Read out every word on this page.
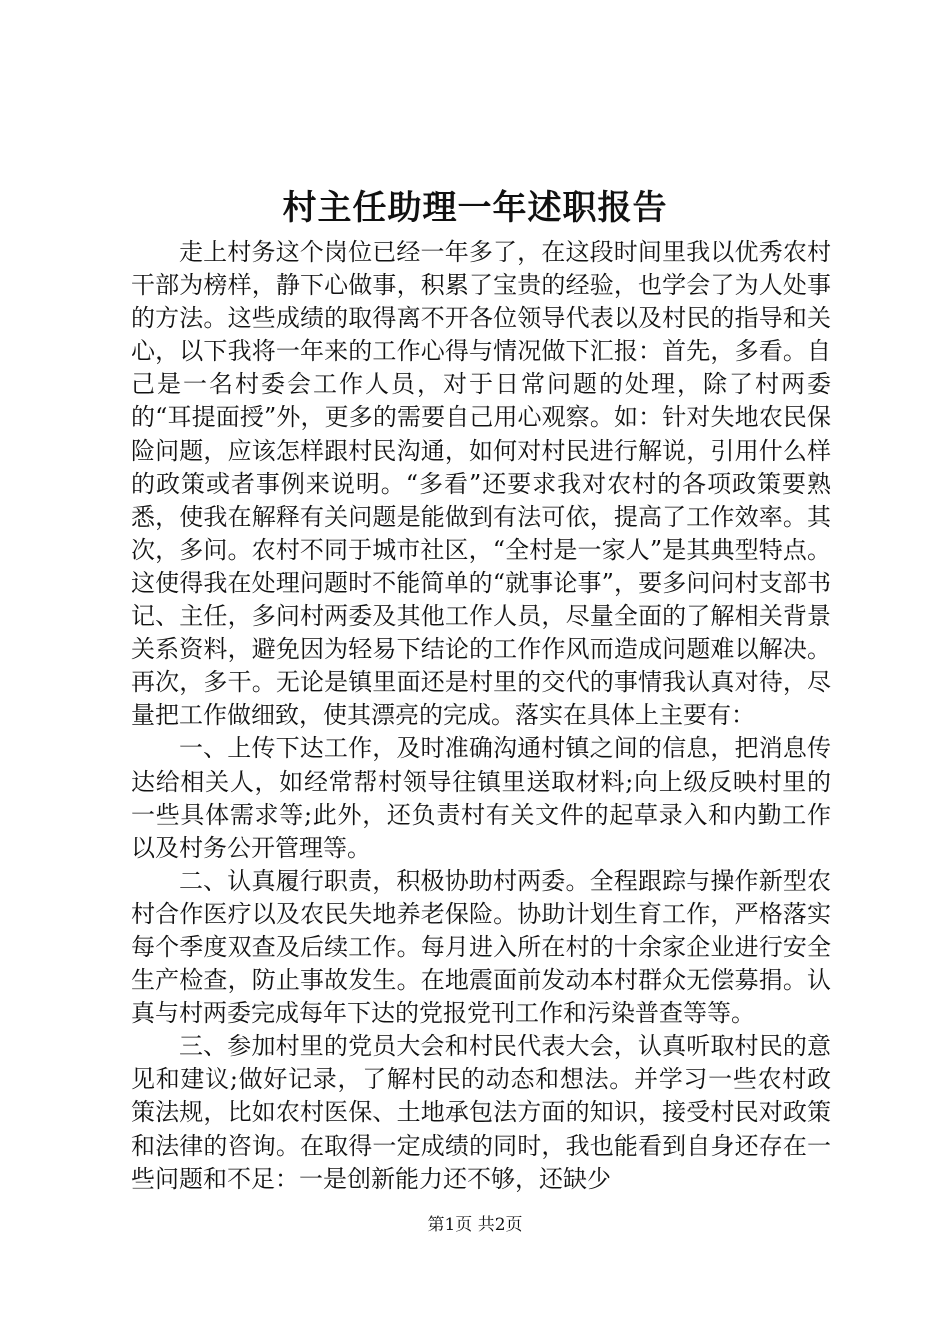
村主任助理一年述职报告

走上村务这个岗位已经一年多了，在这段时间里我以优秀农村干部为榜样，静下心做事，积累了宝贵的经验，也学会了为人处事的方法。这些成绩的取得离不开各位领导代表以及村民的指导和关心，以下我将一年来的工作心得与情况做下汇报：首先，多看。自己是一名村委会工作人员，对于日常问题的处理，除了村两委的“耳提面授”外，更多的需要自己用心观察。如：针对失地农民保险问题，应该怎样跟村民沟通，如何对村民进行解说，引用什么样的政策或者事例来说明。“多看”还要求我对农村的各项政策要熟悉，使我在解释有关问题是能做到有法可依，提高了工作效率。其次，多问。农村不同于城市社区，“全村是一家人”是其典型特点。这使得我在处理问题时不能简单的“就事论事”，要多问问村支部书记、主任，多问村两委及其他工作人员，尽量全面的了解相关背景关系资料，避免因为轻易下结论的工作作风而造成问题难以解决。再次，多干。无论是镇里面还是村里的交代的事情我认真对待，尽量把工作做细致，使其漂亮的完成。落实在具体上主要有：

一、上传下达工作，及时准确沟通村镇之间的信息，把消息传达给相关人，如经常帮村领导往镇里送取材料;向上级反映村里的一些具体需求等;此外，还负责村有关文件的起草录入和内勤工作以及村务公开管理等。

二、认真履行职责，积极协助村两委。全程跟踪与操作新型农村合作医疗以及农民失地养老保险。协助计划生育工作，严格落实每个季度双查及后续工作。每月进入所在村的十余家企业进行安全生产检查，防止事故发生。在地震面前发动本村群众无偿募捐。认真与村两委完成每年下达的党报党刊工作和污染普查等等。

三、参加村里的党员大会和村民代表大会，认真听取村民的意见和建议;做好记录，了解村民的动态和想法。并学习一些农村政策法规，比如农村医保、土地承包法方面的知识，接受村民对政策和法律的咨询。在取得一定成绩的同时，我也能看到自身还存在一些问题和不足：一是创新能力还不够，还缺少

第1页 共2页
